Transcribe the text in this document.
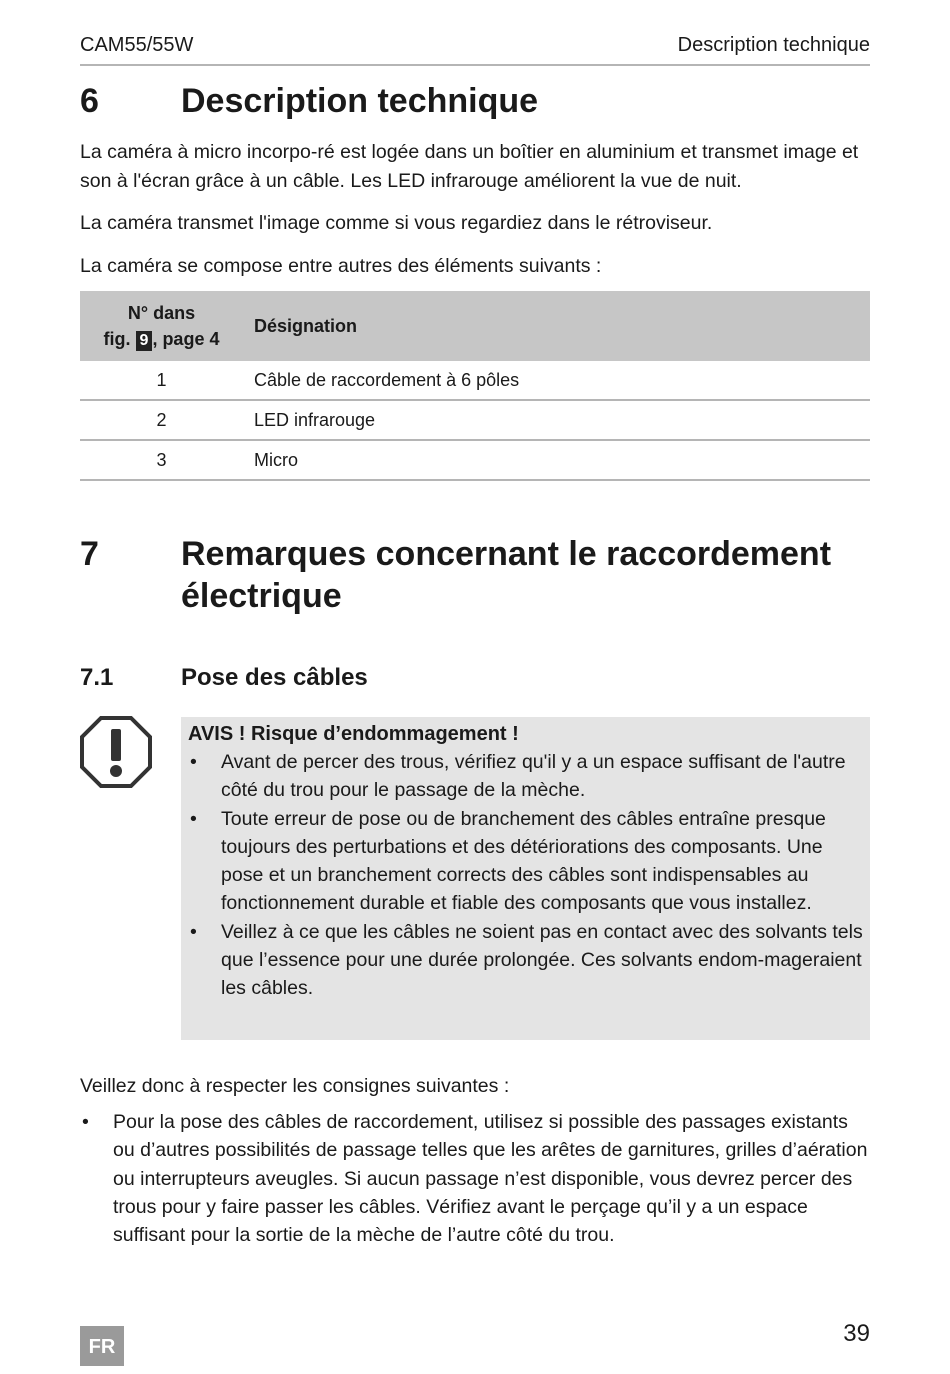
CAM55/55W	Description technique
6 Description technique
La caméra à micro incorpo-ré est logée dans un boîtier en aluminium et transmet image et son à l'écran grâce à un câble. Les LED infrarouge améliorent la vue de nuit.
La caméra transmet l'image comme si vous regardiez dans le rétroviseur.
La caméra se compose entre autres des éléments suivants :
N° dans
fig. 9 , page 4	Désignation
1	Câble de raccordement à 6 pôles
2	LED infrarouge
3	Micro
7 Remarques concernant le raccordement électrique
7.1	Pose des câbles
AVIS ! Risque d’endommagement !
• Avant de percer des trous, vérifiez qu'il y a un espace suffisant de l'autre côté du trou pour le passage de la mèche.
• Toute erreur de pose ou de branchement des câbles entraîne presque toujours des perturbations et des détériorations des composants. Une pose et un branchement corrects des câbles sont indispensables au fonctionnement durable et fiable des composants que vous installez.
• Veillez à ce que les câbles ne soient pas en contact avec des solvants tels que l’essence pour une durée prolongée. Ces solvants endom-mageraient les câbles.
Veillez donc à respecter les consignes suivantes :
• Pour la pose des câbles de raccordement, utilisez si possible des passages existants ou d’autres possibilités de passage telles que les arêtes de garnitures, grilles d’aération ou interrupteurs aveugles. Si aucun passage n’est disponible, vous devrez percer des trous pour y faire passer les câbles. Vérifiez avant le perçage qu’il y a un espace suffisant pour la sortie de la mèche de l’autre côté du trou.
FR	39
